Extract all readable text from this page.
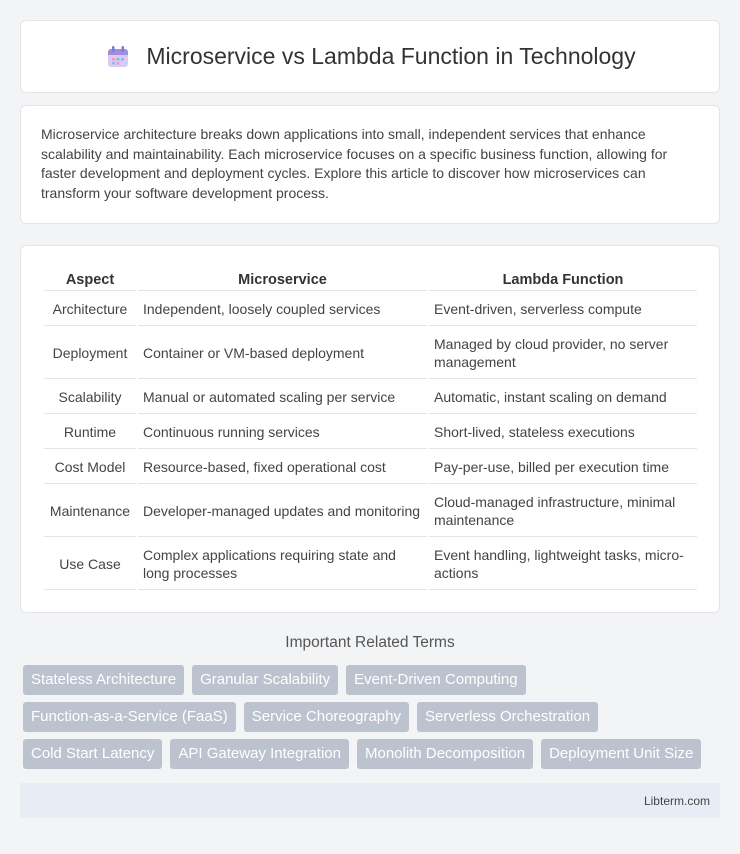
Microservice vs Lambda Function in Technology

Microservice architecture breaks down applications into small, independent services that enhance scalability and maintainability. Each microservice focuses on a specific business function, allowing for faster development and deployment cycles. Explore this article to discover how microservices can transform your software development process.

Aspect	Microservice	Lambda Function
Architecture	Independent, loosely coupled services	Event-driven, serverless compute
Deployment	Container or VM-based deployment	Managed by cloud provider, no server management
Scalability	Manual or automated scaling per service	Automatic, instant scaling on demand
Runtime	Continuous running services	Short-lived, stateless executions
Cost Model	Resource-based, fixed operational cost	Pay-per-use, billed per execution time
Maintenance	Developer-managed updates and monitoring	Cloud-managed infrastructure, minimal maintenance
Use Case	Complex applications requiring state and long processes	Event handling, lightweight tasks, micro-actions
Important Related Terms
Stateless Architecture	Granular Scalability	Event-Driven Computing
Function-as-a-Service (FaaS)	Service Choreography	Serverless Orchestration
Cold Start Latency	API Gateway Integration	Monolith Decomposition	Deployment Unit Size
Libterm.com
